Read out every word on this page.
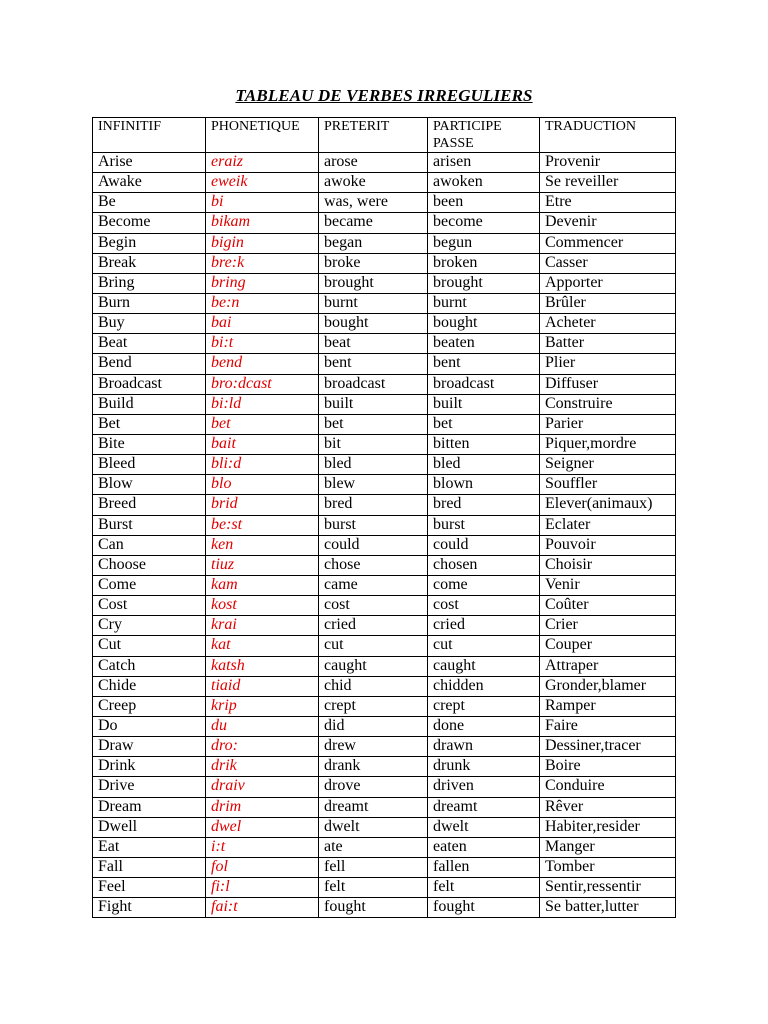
TABLEAU DE VERBES IRREGULIERS
INFINITIF	PHONETIQUE	PRETERIT	PARTICIPE PASSE	TRADUCTION
Arise	eraiz	arose	arisen	Provenir
Awake	eweik	awoke	awoken	Se reveiller
Be	bi	was, were	been	Etre
Become	bikam	became	become	Devenir
Begin	bigin	began	begun	Commencer
Break	bre:k	broke	broken	Casser
Bring	bring	brought	brought	Apporter
Burn	be:n	burnt	burnt	Brûler
Buy	bai	bought	bought	Acheter
Beat	bi:t	beat	beaten	Batter
Bend	bend	bent	bent	Plier
Broadcast	bro:dcast	broadcast	broadcast	Diffuser
Build	bi:ld	built	built	Construire
Bet	bet	bet	bet	Parier
Bite	bait	bit	bitten	Piquer,mordre
Bleed	bli:d	bled	bled	Seigner
Blow	blo	blew	blown	Souffler
Breed	brid	bred	bred	Elever(animaux)
Burst	be:st	burst	burst	Eclater
Can	ken	could	could	Pouvoir
Choose	tiuz	chose	chosen	Choisir
Come	kam	came	come	Venir
Cost	kost	cost	cost	Coûter
Cry	krai	cried	cried	Crier
Cut	kat	cut	cut	Couper
Catch	katsh	caught	caught	Attraper
Chide	tiaid	chid	chidden	Gronder,blamer
Creep	krip	crept	crept	Ramper
Do	du	did	done	Faire
Draw	dro:	drew	drawn	Dessiner,tracer
Drink	drik	drank	drunk	Boire
Drive	draiv	drove	driven	Conduire
Dream	drim	dreamt	dreamt	Rêver
Dwell	dwel	dwelt	dwelt	Habiter,resider
Eat	i:t	ate	eaten	Manger
Fall	fol	fell	fallen	Tomber
Feel	fi:l	felt	felt	Sentir,ressentir
Fight	fai:t	fought	fought	Se batter,lutter
